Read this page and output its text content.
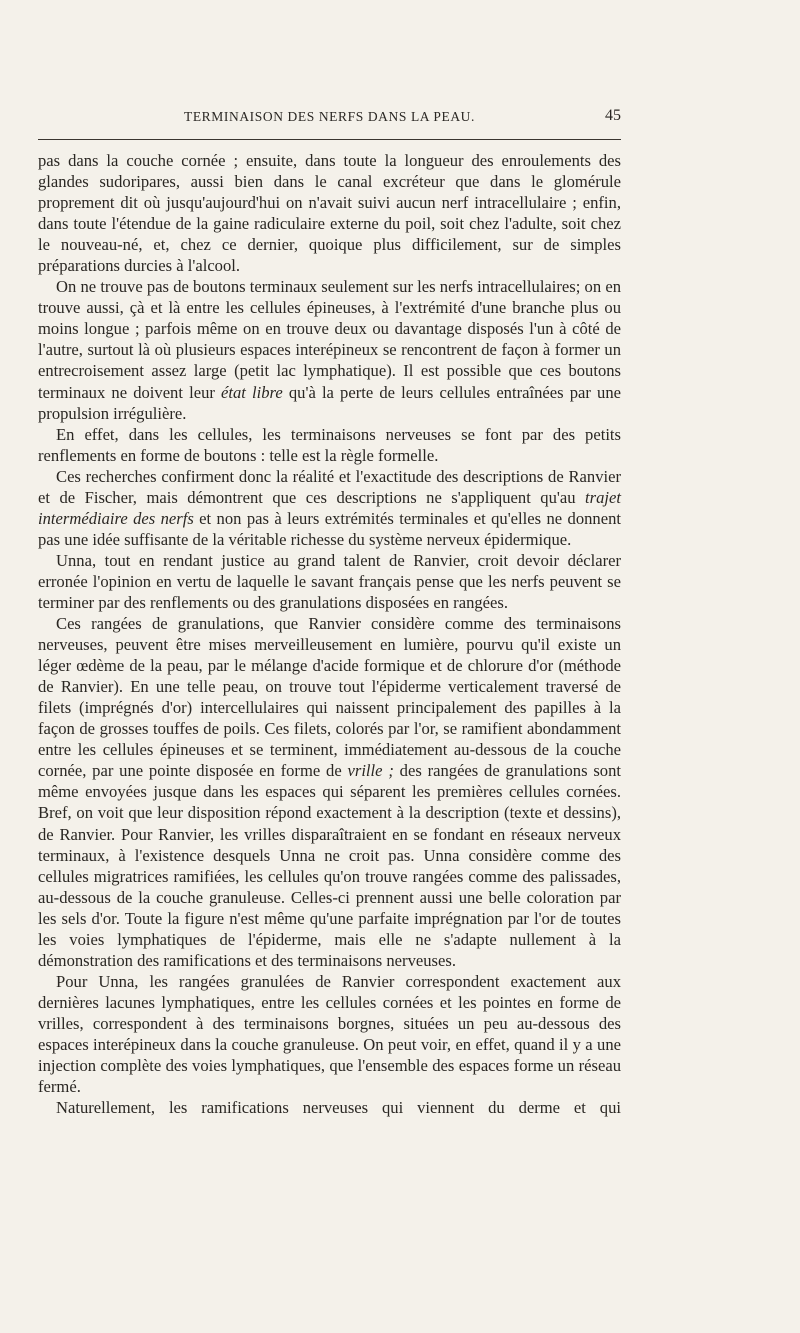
TERMINAISON DES NERFS DANS LA PEAU.	45

pas dans la couche cornée ; ensuite, dans toute la longueur des enroulements des glandes sudoripares, aussi bien dans le canal excréteur que dans le glomérule proprement dit où jusqu'aujourd'hui on n'avait suivi aucun nerf intracellulaire ; enfin, dans toute l'étendue de la gaine radiculaire externe du poil, soit chez l'adulte, soit chez le nouveau-né, et, chez ce dernier, quoique plus difficilement, sur de simples préparations durcies à l'alcool.

On ne trouve pas de boutons terminaux seulement sur les nerfs intracellulaires; on en trouve aussi, çà et là entre les cellules épineuses, à l'extrémité d'une branche plus ou moins longue ; parfois même on en trouve deux ou davantage disposés l'un à côté de l'autre, surtout là où plusieurs espaces interépineux se rencontrent de façon à former un entrecroisement assez large (petit lac lymphatique). Il est possible que ces boutons terminaux ne doivent leur état libre qu'à la perte de leurs cellules entraînées par une propulsion irrégulière.

En effet, dans les cellules, les terminaisons nerveuses se font par des petits renflements en forme de boutons : telle est la règle formelle.

Ces recherches confirment donc la réalité et l'exactitude des descriptions de Ranvier et de Fischer, mais démontrent que ces descriptions ne s'appliquent qu'au trajet intermédiaire des nerfs et non pas à leurs extrémités terminales et qu'elles ne donnent pas une idée suffisante de la véritable richesse du système nerveux épidermique.

Unna, tout en rendant justice au grand talent de Ranvier, croit devoir déclarer erronée l'opinion en vertu de laquelle le savant français pense que les nerfs peuvent se terminer par des renflements ou des granulations disposées en rangées.

Ces rangées de granulations, que Ranvier considère comme des terminaisons nerveuses, peuvent être mises merveilleusement en lumière, pourvu qu'il existe un léger œdème de la peau, par le mélange d'acide formique et de chlorure d'or (méthode de Ranvier). En une telle peau, on trouve tout l'épiderme verticalement traversé de filets (imprégnés d'or) intercellulaires qui naissent principalement des papilles à la façon de grosses touffes de poils. Ces filets, colorés par l'or, se ramifient abondamment entre les cellules épineuses et se terminent, immédiatement au-dessous de la couche cornée, par une pointe disposée en forme de vrille ; des rangées de granulations sont même envoyées jusque dans les espaces qui séparent les premières cellules cornées. Bref, on voit que leur disposition répond exactement à la description (texte et dessins), de Ranvier. Pour Ranvier, les vrilles disparaîtraient en se fondant en réseaux nerveux terminaux, à l'existence desquels Unna ne croit pas. Unna considère comme des cellules migratrices ramifiées, les cellules qu'on trouve rangées comme des palissades, au-dessous de la couche granuleuse. Celles-ci prennent aussi une belle coloration par les sels d'or. Toute la figure n'est même qu'une parfaite imprégnation par l'or de toutes les voies lymphatiques de l'épiderme, mais elle ne s'adapte nullement à la démonstration des ramifications et des terminaisons nerveuses.

Pour Unna, les rangées granulées de Ranvier correspondent exactement aux dernières lacunes lymphatiques, entre les cellules cornées et les pointes en forme de vrilles, correspondent à des terminaisons borgnes, situées un peu au-dessous des espaces interépineux dans la couche granuleuse. On peut voir, en effet, quand il y a une injection complète des voies lymphatiques, que l'ensemble des espaces forme un réseau fermé.

Naturellement, les ramifications nerveuses qui viennent du derme et qui
